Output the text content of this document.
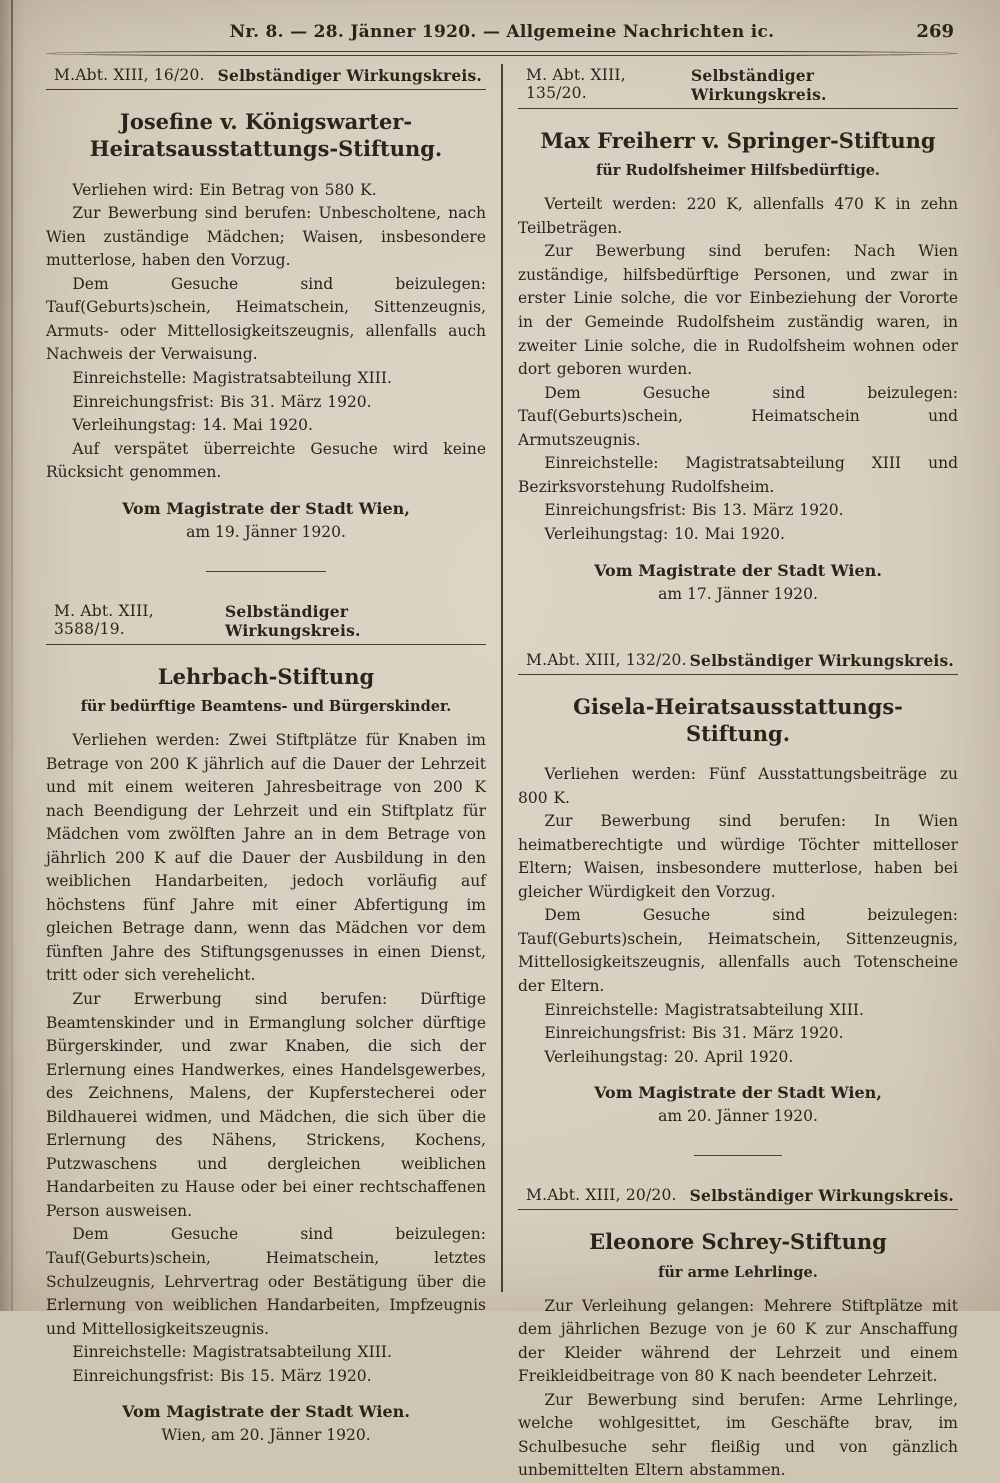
Nr. 8. — 28. Jänner 1920. — Allgemeine Nachrichten ic.	269
M.Abt. XIII, 16/20. Selbständiger Wirkungskreis.
Josefine v. Königswarter-Heiratsausstattungs-Stiftung.

Verliehen wird: Ein Betrag von 580 K.

Zur Bewerbung sind berufen: Unbescholtene, nach Wien zuständige Mädchen; Waisen, insbesondere mutterlose, haben den Vorzug.

Dem Gesuche sind beizulegen: Tauf(Geburts)schein, Heimatschein, Sittenzeugnis, Armuts- oder Mittellosigkeitszeugnis, allenfalls auch Nachweis der Verwaisung.

Einreichstelle: Magistratsabteilung XIII.

Einreichungsfrist: Bis 31. März 1920.

Verleihungstag: 14. Mai 1920.

Auf verspätet überreichte Gesuche wird keine Rücksicht genommen.

Vom Magistrate der Stadt Wien,

am 19. Jänner 1920.

M. Abt. XIII, 3588/19.
Selbständiger Wirkungskreis.
Lehrbach-Stiftung

für bedürftige Beamtens- und Bürgerskinder.

Verliehen werden: Zwei Stiftplätze für Knaben im Betrage von 200 K jährlich auf die Dauer der Lehrzeit und mit einem weiteren Jahresbeitrage von 200 K nach Beendigung der Lehrzeit und ein Stiftplatz für Mädchen vom zwölften Jahre an in dem Betrage von jährlich 200 K auf die Dauer der Ausbildung in den weiblichen Handarbeiten, jedoch vorläufig auf höchstens fünf Jahre mit einer Abfertigung im gleichen Betrage dann, wenn das Mädchen vor dem fünften Jahre des Stiftungsgenusses in einen Dienst, tritt oder sich verehelicht.

Zur Erwerbung sind berufen: Dürftige Beamtenskinder und in Ermanglung solcher dürftige Bürgerskinder, und zwar Knaben, die sich der Erlernung eines Handwerkes, eines Handelsgewerbes, des Zeichnens, Malens, der Kupferstecherei oder Bildhauerei widmen, und Mädchen, die sich über die Erlernung des Nähens, Strickens, Kochens, Putzwaschens und dergleichen weiblichen Handarbeiten zu Hause oder bei einer rechtschaffenen Person ausweisen.

Dem Gesuche sind beizulegen: Tauf(Geburts)schein, Heimatschein, letztes Schulzeugnis, Lehrvertrag oder Bestätigung über die Erlernung von weiblichen Handarbeiten, Impfzeugnis und Mittellosigkeitszeugnis.

Einreichstelle: Magistratsabteilung XIII.

Einreichungsfrist: Bis 15. März 1920.

Vom Magistrate der Stadt Wien.

Wien, am 20. Jänner 1920.

M. Abt. XIII, 135/20.
Selbständiger Wirkungskreis.
Max Freiherr v. Springer-Stiftung

für Rudolfsheimer Hilfsbedürftige.

Verteilt werden: 220 K, allenfalls 470 K in zehn Teilbeträgen.

Zur Bewerbung sind berufen: Nach Wien zuständige, hilfsbedürftige Personen, und zwar in erster Linie solche, die vor Einbeziehung der Vororte in der Gemeinde Rudolfsheim zuständig waren, in zweiter Linie solche, die in Rudolfsheim wohnen oder dort geboren wurden.

Dem Gesuche sind beizulegen: Tauf(Geburts)schein, Heimatschein und Armutszeugnis.

Einreichstelle: Magistratsabteilung XIII und Bezirksvorstehung Rudolfsheim.

Einreichungsfrist: Bis 13. März 1920.

Verleihungstag: 10. Mai 1920.

Vom Magistrate der Stadt Wien.

am 17. Jänner 1920.

M.Abt. XIII, 132/20. Selbständiger Wirkungskreis.
Gisela-Heiratsausstattungs-Stiftung.

Verliehen werden: Fünf Ausstattungsbeiträge zu 800 K.

Zur Bewerbung sind berufen: In Wien heimatberechtigte und würdige Töchter mittelloser Eltern; Waisen, insbesondere mutterlose, haben bei gleicher Würdigkeit den Vorzug.

Dem Gesuche sind beizulegen: Tauf(Geburts)schein, Heimatschein, Sittenzeugnis, Mittellosigkeitszeugnis, allenfalls auch Totenscheine der Eltern.

Einreichstelle: Magistratsabteilung XIII.

Einreichungsfrist: Bis 31. März 1920.

Verleihungstag: 20. April 1920.

Vom Magistrate der Stadt Wien,

am 20. Jänner 1920.

M.Abt. XIII, 20/20. Selbständiger Wirkungskreis.
Eleonore Schrey-Stiftung

für arme Lehrlinge.

Zur Verleihung gelangen: Mehrere Stiftplätze mit dem jährlichen Bezuge von je 60 K zur Anschaffung der Kleider während der Lehrzeit und einem Freikleidbeitrage von 80 K nach beendeter Lehrzeit.

Zur Bewerbung sind berufen: Arme Lehrlinge, welche wohlgesittet, im Geschäfte brav, im Schulbesuche sehr fleißig und von gänzlich unbemittelten Eltern abstammen.
